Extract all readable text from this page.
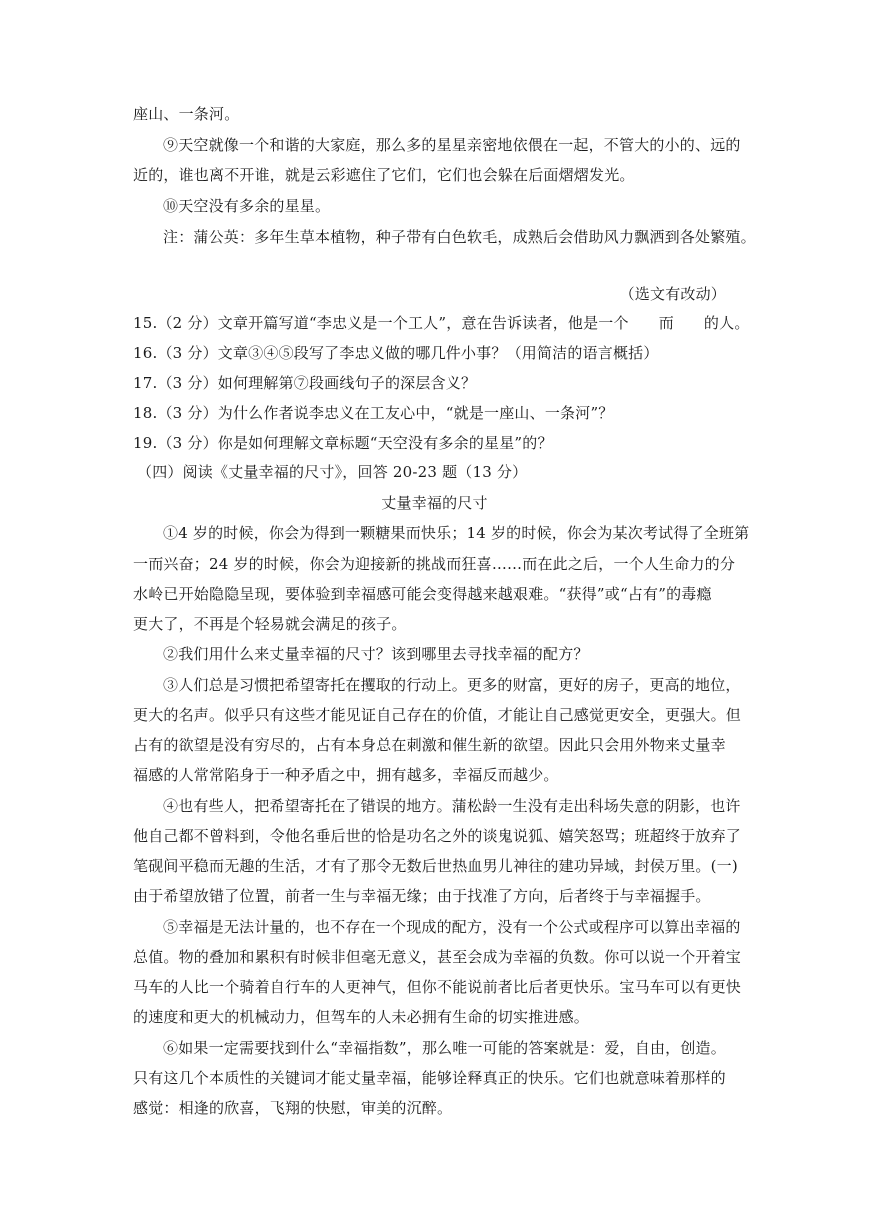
座山、一条河。
⑨天空就像一个和谐的大家庭，那么多的星星亲密地依偎在一起，不管大的小的、远的
近的，谁也离不开谁，就是云彩遮住了它们，它们也会躲在后面熠熠发光。
⑩天空没有多余的星星。
注：蒲公英：多年生草本植物，种子带有白色软毛，成熟后会借助风力飘洒到各处繁殖。
（选文有改动）
15.（2 分）文章开篇写道“李忠义是一个工人”，意在告诉读者，他是一个 而 的人。
16.（3 分）文章③④⑤段写了李忠义做的哪几件小事？（用简洁的语言概括）
17.（3 分）如何理解第⑦段画线句子的深层含义？
18.（3 分）为什么作者说李忠义在工友心中，“就是一座山、一条河”？
19.（3 分）你是如何理解文章标题“天空没有多余的星星”的？
（四）阅读《丈量幸福的尺寸》，回答 20-23 题（13 分）
丈量幸福的尺寸
①4 岁的时候，你会为得到一颗糖果而快乐；14 岁的时候，你会为某次考试得了全班第
一而兴奋；24 岁的时候，你会为迎接新的挑战而狂喜……而在此之后，一个人生命力的分
水岭已开始隐隐呈现，要体验到幸福感可能会变得越来越艰难。“获得”或“占有”的毒瘾
更大了，不再是个轻易就会满足的孩子。
②我们用什么来丈量幸福的尺寸？该到哪里去寻找幸福的配方？
③人们总是习惯把希望寄托在攫取的行动上。更多的财富，更好的房子，更高的地位，
更大的名声。似乎只有这些才能见证自己存在的价值，才能让自己感觉更安全，更强大。但
占有的欲望是没有穷尽的，占有本身总在刺激和催生新的欲望。因此只会用外物来丈量幸
福感的人常常陷身于一种矛盾之中，拥有越多，幸福反而越少。
④也有些人，把希望寄托在了错误的地方。蒲松龄一生没有走出科场失意的阴影，也许
他自己都不曾料到，令他名垂后世的恰是功名之外的谈鬼说狐、嬉笑怒骂；班超终于放弃了
笔砚间平稳而无趣的生活，才有了那令无数后世热血男儿神往的建功异域，封侯万里。(一)
由于希望放错了位置，前者一生与幸福无缘；由于找准了方向，后者终于与幸福握手。
⑤幸福是无法计量的，也不存在一个现成的配方，没有一个公式或程序可以算出幸福的
总值。物的叠加和累积有时候非但毫无意义，甚至会成为幸福的负数。你可以说一个开着宝
马车的人比一个骑着自行车的人更神气，但你不能说前者比后者更快乐。宝马车可以有更快
的速度和更大的机械动力，但驾车的人未必拥有生命的切实推进感。
⑥如果一定需要找到什么“幸福指数”，那么唯一可能的答案就是：爱，自由，创造。
只有这几个本质性的关键词才能丈量幸福，能够诠释真正的快乐。它们也就意味着那样的
感觉：相逢的欣喜，飞翔的快慰，审美的沉醉。
